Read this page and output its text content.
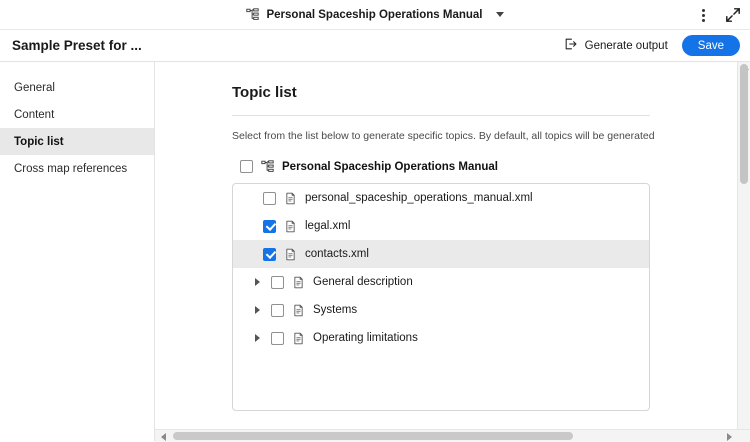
Personal Spaceship Operations Manual
Sample Preset for ...	Generate output	Save
General
Content
Topic list
Cross map references
Topic list
Select from the list below to generate specific topics. By default, all topics will be generated
Personal Spaceship Operations Manual
personal_spaceship_operations_manual.xml
legal.xml
contacts.xml
General description
Systems
Operating limitations
